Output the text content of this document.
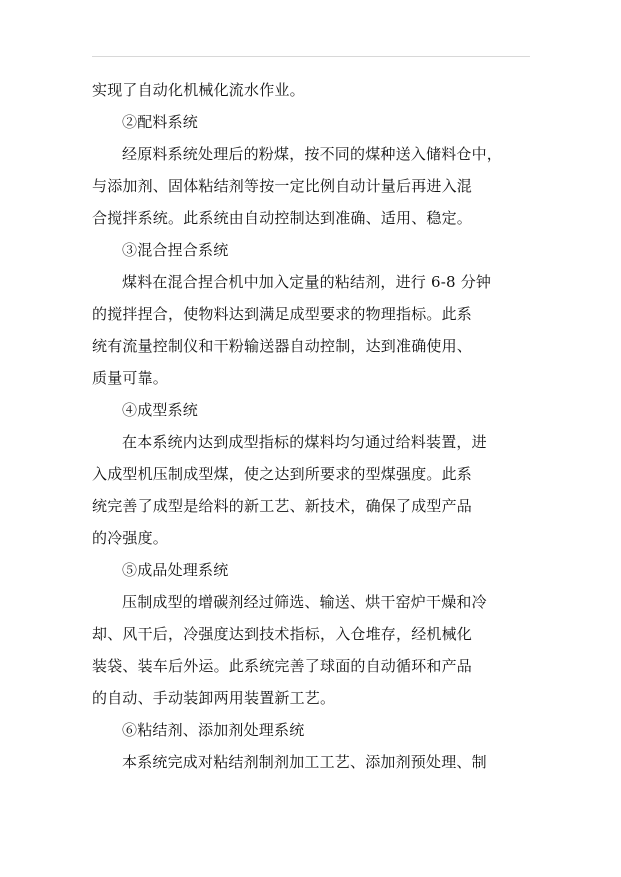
实现了自动化机械化流水作业。
②配料系统
经原料系统处理后的粉煤，按不同的煤种送入储料仓中，
与添加剂、固体粘结剂等按一定比例自动计量后再进入混
合搅拌系统。此系统由自动控制达到准确、适用、稳定。
③混合捏合系统
煤料在混合捏合机中加入定量的粘结剂，进行 6-8 分钟
的搅拌捏合，使物料达到满足成型要求的物理指标。此系
统有流量控制仪和干粉输送器自动控制，达到准确使用、
质量可靠。
④成型系统
在本系统内达到成型指标的煤料均匀通过给料装置，进
入成型机压制成型煤，使之达到所要求的型煤强度。此系
统完善了成型是给料的新工艺、新技术，确保了成型产品
的冷强度。
⑤成品处理系统
压制成型的增碳剂经过筛选、输送、烘干窑炉干燥和冷
却、风干后，冷强度达到技术指标，入仓堆存，经机械化
装袋、装车后外运。此系统完善了球面的自动循环和产品
的自动、手动装卸两用装置新工艺。
⑥粘结剂、添加剂处理系统
本系统完成对粘结剂制剂加工工艺、添加剂预处理、制
